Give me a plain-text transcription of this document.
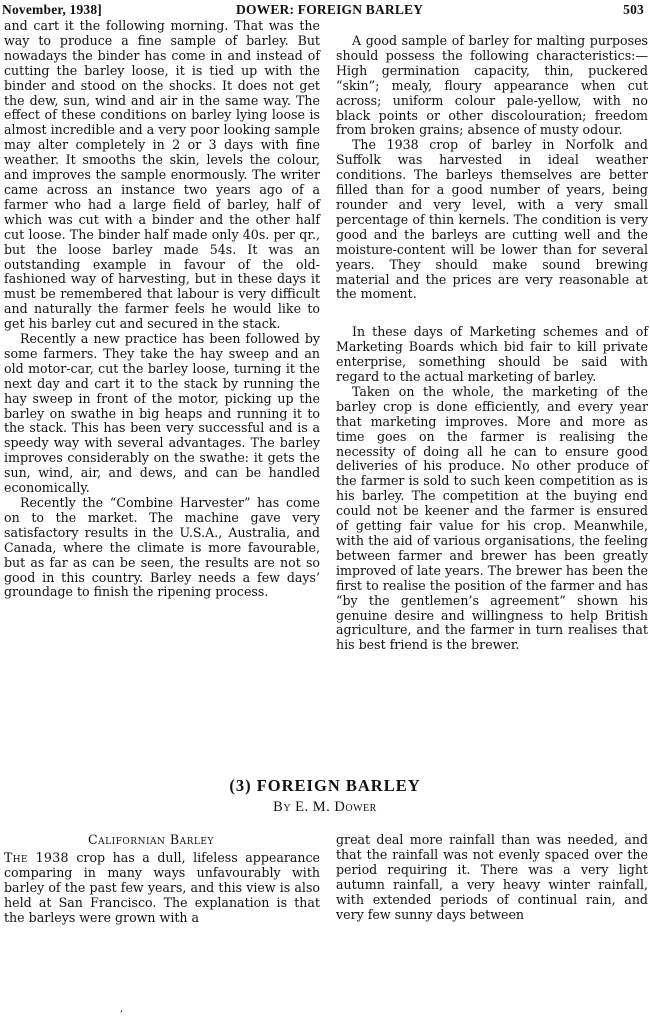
November, 1938]	DOWER: FOREIGN BARLEY	503

and cart it the following morning. That was the way to produce a fine sample of barley. But nowadays the binder has come in and instead of cutting the barley loose, it is tied up with the binder and stood on the shocks. It does not get the dew, sun, wind and air in the same way. The effect of these conditions on barley lying loose is almost incredible and a very poor looking sample may alter completely in 2 or 3 days with fine weather. It smooths the skin, levels the colour, and improves the sample enormously. The writer came across an instance two years ago of a farmer who had a large field of barley, half of which was cut with a binder and the other half cut loose. The binder half made only 40s. per qr., but the loose barley made 54s. It was an outstanding example in favour of the old-fashioned way of harvesting, but in these days it must be remembered that labour is very difficult and naturally the farmer feels he would like to get his barley cut and secured in the stack.

Recently a new practice has been followed by some farmers. They take the hay sweep and an old motor-car, cut the barley loose, turning it the next day and cart it to the stack by running the hay sweep in front of the motor, picking up the barley on swathe in big heaps and running it to the stack. This has been very successful and is a speedy way with several advantages. The barley improves considerably on the swathe: it gets the sun, wind, air, and dews, and can be handled economically.

Recently the “Combine Harvester” has come on to the market. The machine gave very satisfactory results in the U.S.A., Australia, and Canada, where the climate is more favourable, but as far as can be seen, the results are not so good in this country. Barley needs a few days’ groundage to finish the ripening process.

A good sample of barley for malting purposes should possess the following characteristics:—High germination capacity, thin, puckered “skin”; mealy, floury appearance when cut across; uniform colour pale-yellow, with no black points or other discolouration; freedom from broken grains; absence of musty odour.

The 1938 crop of barley in Norfolk and Suffolk was harvested in ideal weather conditions. The barleys themselves are better filled than for a good number of years, being rounder and very level, with a very small percentage of thin kernels. The condition is very good and the barleys are cutting well and the moisture-content will be lower than for several years. They should make sound brewing material and the prices are very reasonable at the moment.

In these days of Marketing schemes and of Marketing Boards which bid fair to kill private enterprise, something should be said with regard to the actual marketing of barley.

Taken on the whole, the marketing of the barley crop is done efficiently, and every year that marketing improves. More and more as time goes on the farmer is realising the necessity of doing all he can to ensure good deliveries of his produce. No other produce of the farmer is sold to such keen competition as is his barley. The competition at the buying end could not be keener and the farmer is ensured of getting fair value for his crop. Meanwhile, with the aid of various organisations, the feeling between farmer and brewer has been greatly improved of late years. The brewer has been the first to realise the position of the farmer and has “by the gentlemen’s agreement” shown his genuine desire and willingness to help British agriculture, and the farmer in turn realises that his best friend is the brewer.

(3) FOREIGN BARLEY
By E. M. Dower
Californian Barley

The 1938 crop has a dull, lifeless appearance comparing in many ways unfavourably with barley of the past few years, and this view is also held at San Francisco. The explanation is that the barleys were grown with a

great deal more rainfall than was needed, and that the rainfall was not evenly spaced over the period requiring it. There was a very light autumn rainfall, a very heavy winter rainfall, with extended periods of continual rain, and very few sunny days between

,
